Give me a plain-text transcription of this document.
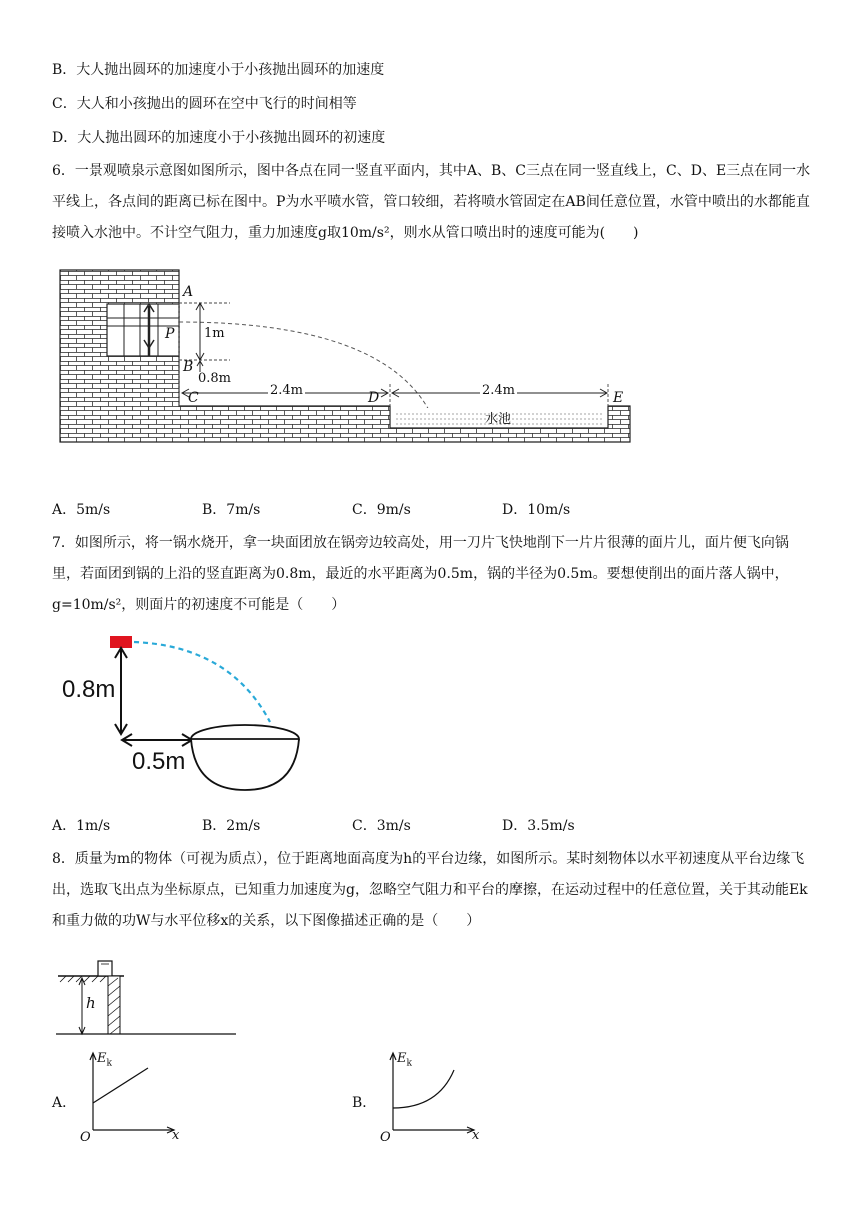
B．大人抛出圆环的加速度小于小孩抛出圆环的加速度
C．大人和小孩抛出的圆环在空中飞行的时间相等
D．大人抛出圆环的加速度小于小孩抛出圆环的初速度
6．一景观喷泉示意图如图所示，图中各点在同一竖直平面内，其中A、B、C三点在同一竖直线上，C、D、E三点在同一水平线上，各点间的距离已标在图中。P为水平喷水管，管口较细，若将喷水管固定在AB间任意位置，水管中喷出的水都能直接喷入水池中。不计空气阻力，重力加速度g取10m/s²，则水从管口喷出时的速度可能为(　　)
A
P
B
C	D	E
1m
0.8m
2.4m	2.4m
水池
A．5m/s	B．7m/s	C．9m/s	D．10m/s
7．如图所示，将一锅水烧开，拿一块面团放在锅旁边较高处，用一刀片飞快地削下一片片很薄的面片儿，面片便飞向锅里，若面团到锅的上沿的竖直距离为0.8m，最近的水平距离为0.5m，锅的半径为0.5m。要想使削出的面片落人锅中，g=10m/s²，则面片的初速度不可能是（　　）
0.8m
0.5m
A．1m/s	B．2m/s	C．3m/s	D．3.5m/s
8．质量为m的物体（可视为质点），位于距离地面高度为h的平台边缘，如图所示。某时刻物体以水平初速度从平台边缘飞出，选取飞出点为坐标原点，已知重力加速度为g，忽略空气阻力和平台的摩擦，在运动过程中的任意位置，关于其动能Ek和重力做的功W与水平位移x的关系，以下图像描述正确的是（　　）
h
A．
$E_k$
O	x
B．
$E_k$
O	x
